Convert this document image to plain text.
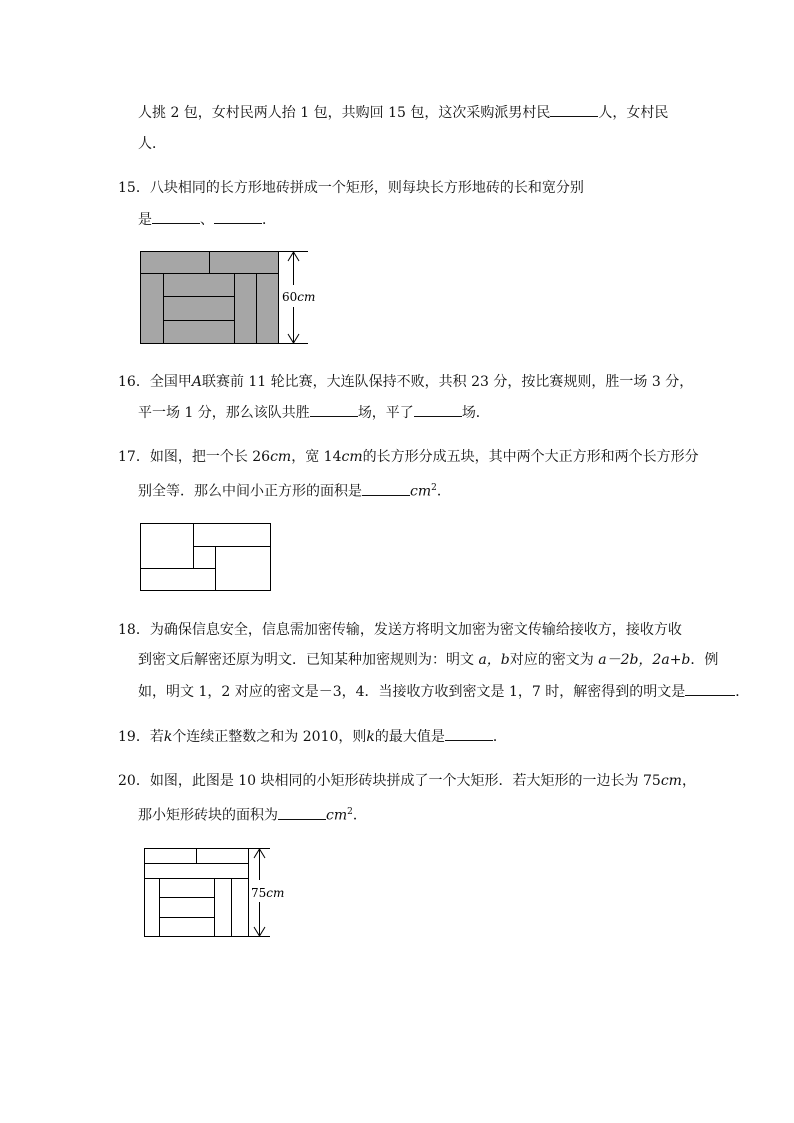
人挑 2 包，女村民两人抬 1 包，共购回 15 包，这次采购派男村民	人，女村民
人．
15．八块相同的长方形地砖拼成一个矩形，则每块长方形地砖的长和宽分别
是	、	．
60cm
16．全国甲A联赛前 11 轮比赛，大连队保持不败，共积 23 分，按比赛规则，胜一场 3 分，
平一场 1 分，那么该队共胜	场，平了	场．
17．如图，把一个长 26cm，宽 14cm的长方形分成五块，其中两个大正方形和两个长方形分
别全等．那么中间小正方形的面积是	$cm^2$．
18．为确保信息安全，信息需加密传输，发送方将明文加密为密文传输给接收方，接收方收
到密文后解密还原为明文．已知某种加密规则为：明文 a，b对应的密文为 a－2b，2a+b．例
如，明文 1，2 对应的密文是－3，4．当接收方收到密文是 1，7 时，解密得到的明文是	．
19．若k个连续正整数之和为 2010，则k的最大值是	．
20．如图，此图是 10 块相同的小矩形砖块拼成了一个大矩形．若大矩形的一边长为 75cm，
那小矩形砖块的面积为	$cm^2$．
75cm
